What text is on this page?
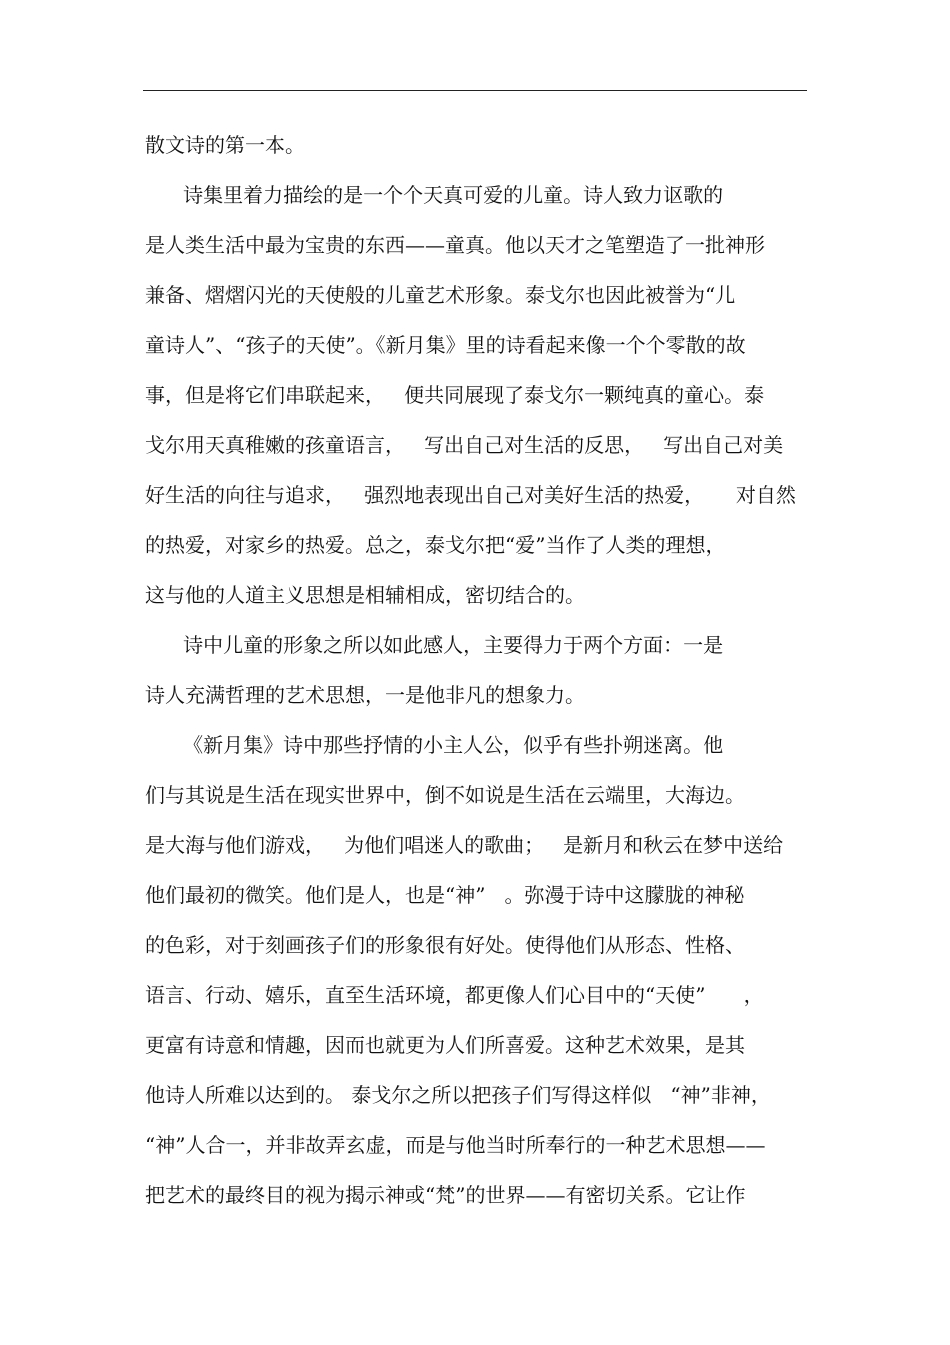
散文诗的第一本。
诗集里着力描绘的是一个个天真可爱的儿童。诗人致力讴歌的
是人类生活中最为宝贵的东西——童真。他以天才之笔塑造了一批神形
兼备、熠熠闪光的天使般的儿童艺术形象。泰戈尔也因此被誉为“儿
童诗人”、“孩子的天使”。《新月集》里的诗看起来像一个个零散的故
事，但是将它们串联起来，   便共同展现了泰戈尔一颗纯真的童心。泰
戈尔用天真稚嫩的孩童语言，   写出自己对生活的反思，   写出自己对美
好生活的向往与追求，   强烈地表现出自己对美好生活的热爱，     对自然
的热爱，对家乡的热爱。总之，泰戈尔把“爱”当作了人类的理想，
这与他的人道主义思想是相辅相成，密切结合的。
诗中儿童的形象之所以如此感人，主要得力于两个方面：一是
诗人充满哲理的艺术思想，一是他非凡的想象力。
《新月集》诗中那些抒情的小主人公，似乎有些扑朔迷离。他
们与其说是生活在现实世界中，倒不如说是生活在云端里，大海边。
是大海与他们游戏，   为他们唱迷人的歌曲；   是新月和秋云在梦中送给
他们最初的微笑。他们是人，也是“神”   。弥漫于诗中这朦胧的神秘
的色彩，对于刻画孩子们的形象很有好处。使得他们从形态、性格、
语言、行动、嬉乐，直至生活环境，都更像人们心目中的“天使”      ，
更富有诗意和情趣，因而也就更为人们所喜爱。这种艺术效果，是其
他诗人所难以达到的。 泰戈尔之所以把孩子们写得这样似   “神”非神，
“神”人合一，并非故弄玄虚，而是与他当时所奉行的一种艺术思想——
把艺术的最终目的视为揭示神或“梵”的世界——有密切关系。它让作
